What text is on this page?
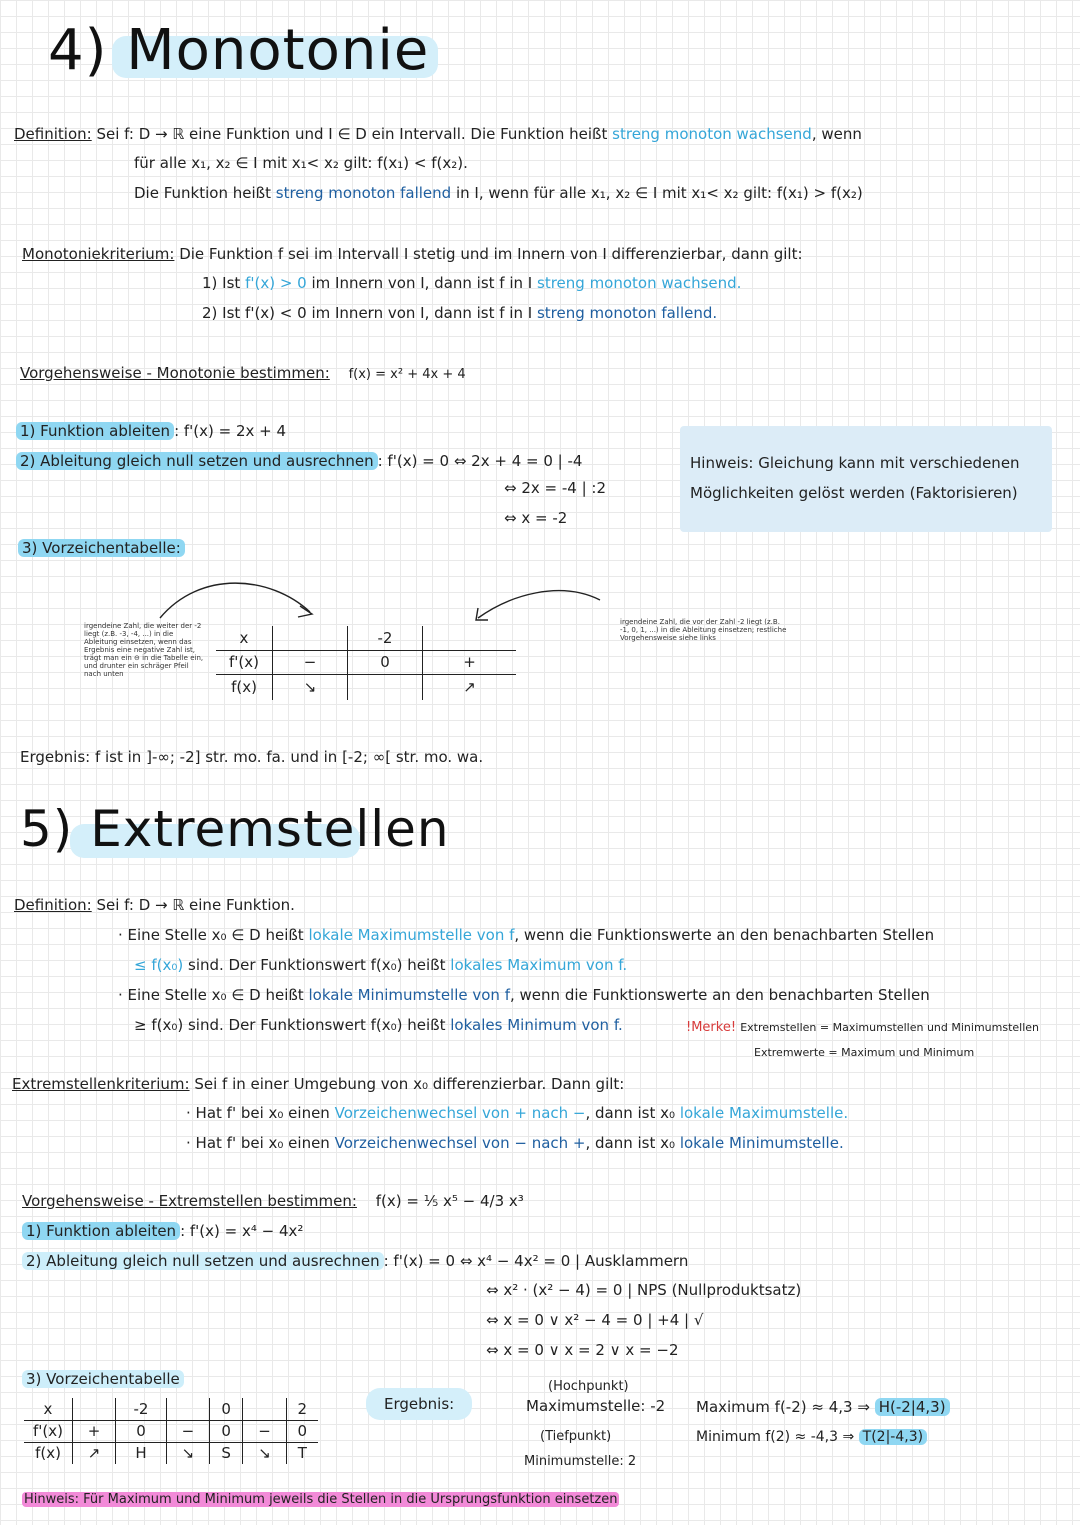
4) Monotonie
Definition: Sei f: D → ℝ eine Funktion und I ∈ D ein Intervall. Die Funktion heißt streng monoton wachsend, wenn
für alle x₁, x₂ ∈ I mit x₁< x₂ gilt: f(x₁) < f(x₂).
Die Funktion heißt streng monoton fallend in I, wenn für alle x₁, x₂ ∈ I mit x₁< x₂ gilt: f(x₁) > f(x₂)
Monotoniekriterium: Die Funktion f sei im Intervall I stetig und im Innern von I differenzierbar, dann gilt:
1) Ist f'(x) > 0 im Innern von I, dann ist f in I streng monoton wachsend.
2) Ist f'(x) < 0 im Innern von I, dann ist f in I streng monoton fallend.
Vorgehensweise - Monotonie bestimmen: f(x) = x² + 4x + 4
1) Funktion ableiten : f'(x) = 2x + 4
2) Ableitung gleich null setzen und ausrechnen : f'(x) = 0 ⇔ 2x + 4 = 0 | -4
⇔ 2x = -4 | :2
⇔ x = -2
Hinweis: Gleichung kann mit verschiedenen Möglichkeiten gelöst werden (Faktorisieren)
3) Vorzeichentabelle:
irgendeine Zahl, die weiter der -2 liegt (z.B. -3, -4, ...) in die Ableitung einsetzen, wenn das Ergebnis eine negative Zahl ist, trägt man ein ⊖ in die Tabelle ein, und drunter ein schräger Pfeil nach unten
irgendeine Zahl, die vor der Zahl -2 liegt (z.B. -1, 0, 1, ...) in die Ableitung einsetzen; restliche Vorgehensweise siehe links
x		-2	
f'(x)	−	0	+
f(x)	↘		↗
Ergebnis: f ist in ]-∞; -2] str. mo. fa. und in [-2; ∞[ str. mo. wa.
5) Extremstellen
Definition: Sei f: D → ℝ eine Funktion.
· Eine Stelle x₀ ∈ D heißt lokale Maximumstelle von f, wenn die Funktionswerte an den benachbarten Stellen
≤ f(x₀) sind. Der Funktionswert f(x₀) heißt lokales Maximum von f.
· Eine Stelle x₀ ∈ D heißt lokale Minimumstelle von f, wenn die Funktionswerte an den benachbarten Stellen
≥ f(x₀) sind. Der Funktionswert f(x₀) heißt lokales Minimum von f.	!Merke! Extremstellen = Maximumstellen und Minimumstellen
Extremwerte = Maximum und Minimum
Extremstellenkriterium: Sei f in einer Umgebung von x₀ differenzierbar. Dann gilt:
· Hat f' bei x₀ einen Vorzeichenwechsel von + nach −, dann ist x₀ lokale Maximumstelle.
· Hat f' bei x₀ einen Vorzeichenwechsel von − nach +, dann ist x₀ lokale Minimumstelle.
Vorgehensweise - Extremstellen bestimmen: f(x) = ⅕ x⁵ − 4/3 x³
1) Funktion ableiten : f'(x) = x⁴ − 4x²
2) Ableitung gleich null setzen und ausrechnen : f'(x) = 0 ⇔ x⁴ − 4x² = 0 | Ausklammern
⇔ x² · (x² − 4) = 0 | NPS (Nullproduktsatz)
⇔ x = 0 ∨ x² − 4 = 0 | +4 | √
⇔ x = 0 ∨ x = 2 ∨ x = −2
3) Vorzeichentabelle
x		-2		0		2
f'(x)	+	0	−	0	−	0
f(x)	↗	H	↘	S	↘	T
Ergebnis:
(Hochpunkt)
Maximumstelle: -2
(Tiefpunkt)
Minimumstelle: 2
Maximum f(-2) ≈ 4,3 ⇒ H(-2|4,3)
Minimum f(2) ≈ -4,3 ⇒ T(2|-4,3)
Hinweis: Für Maximum und Minimum jeweils die Stellen in die Ursprungsfunktion einsetzen
